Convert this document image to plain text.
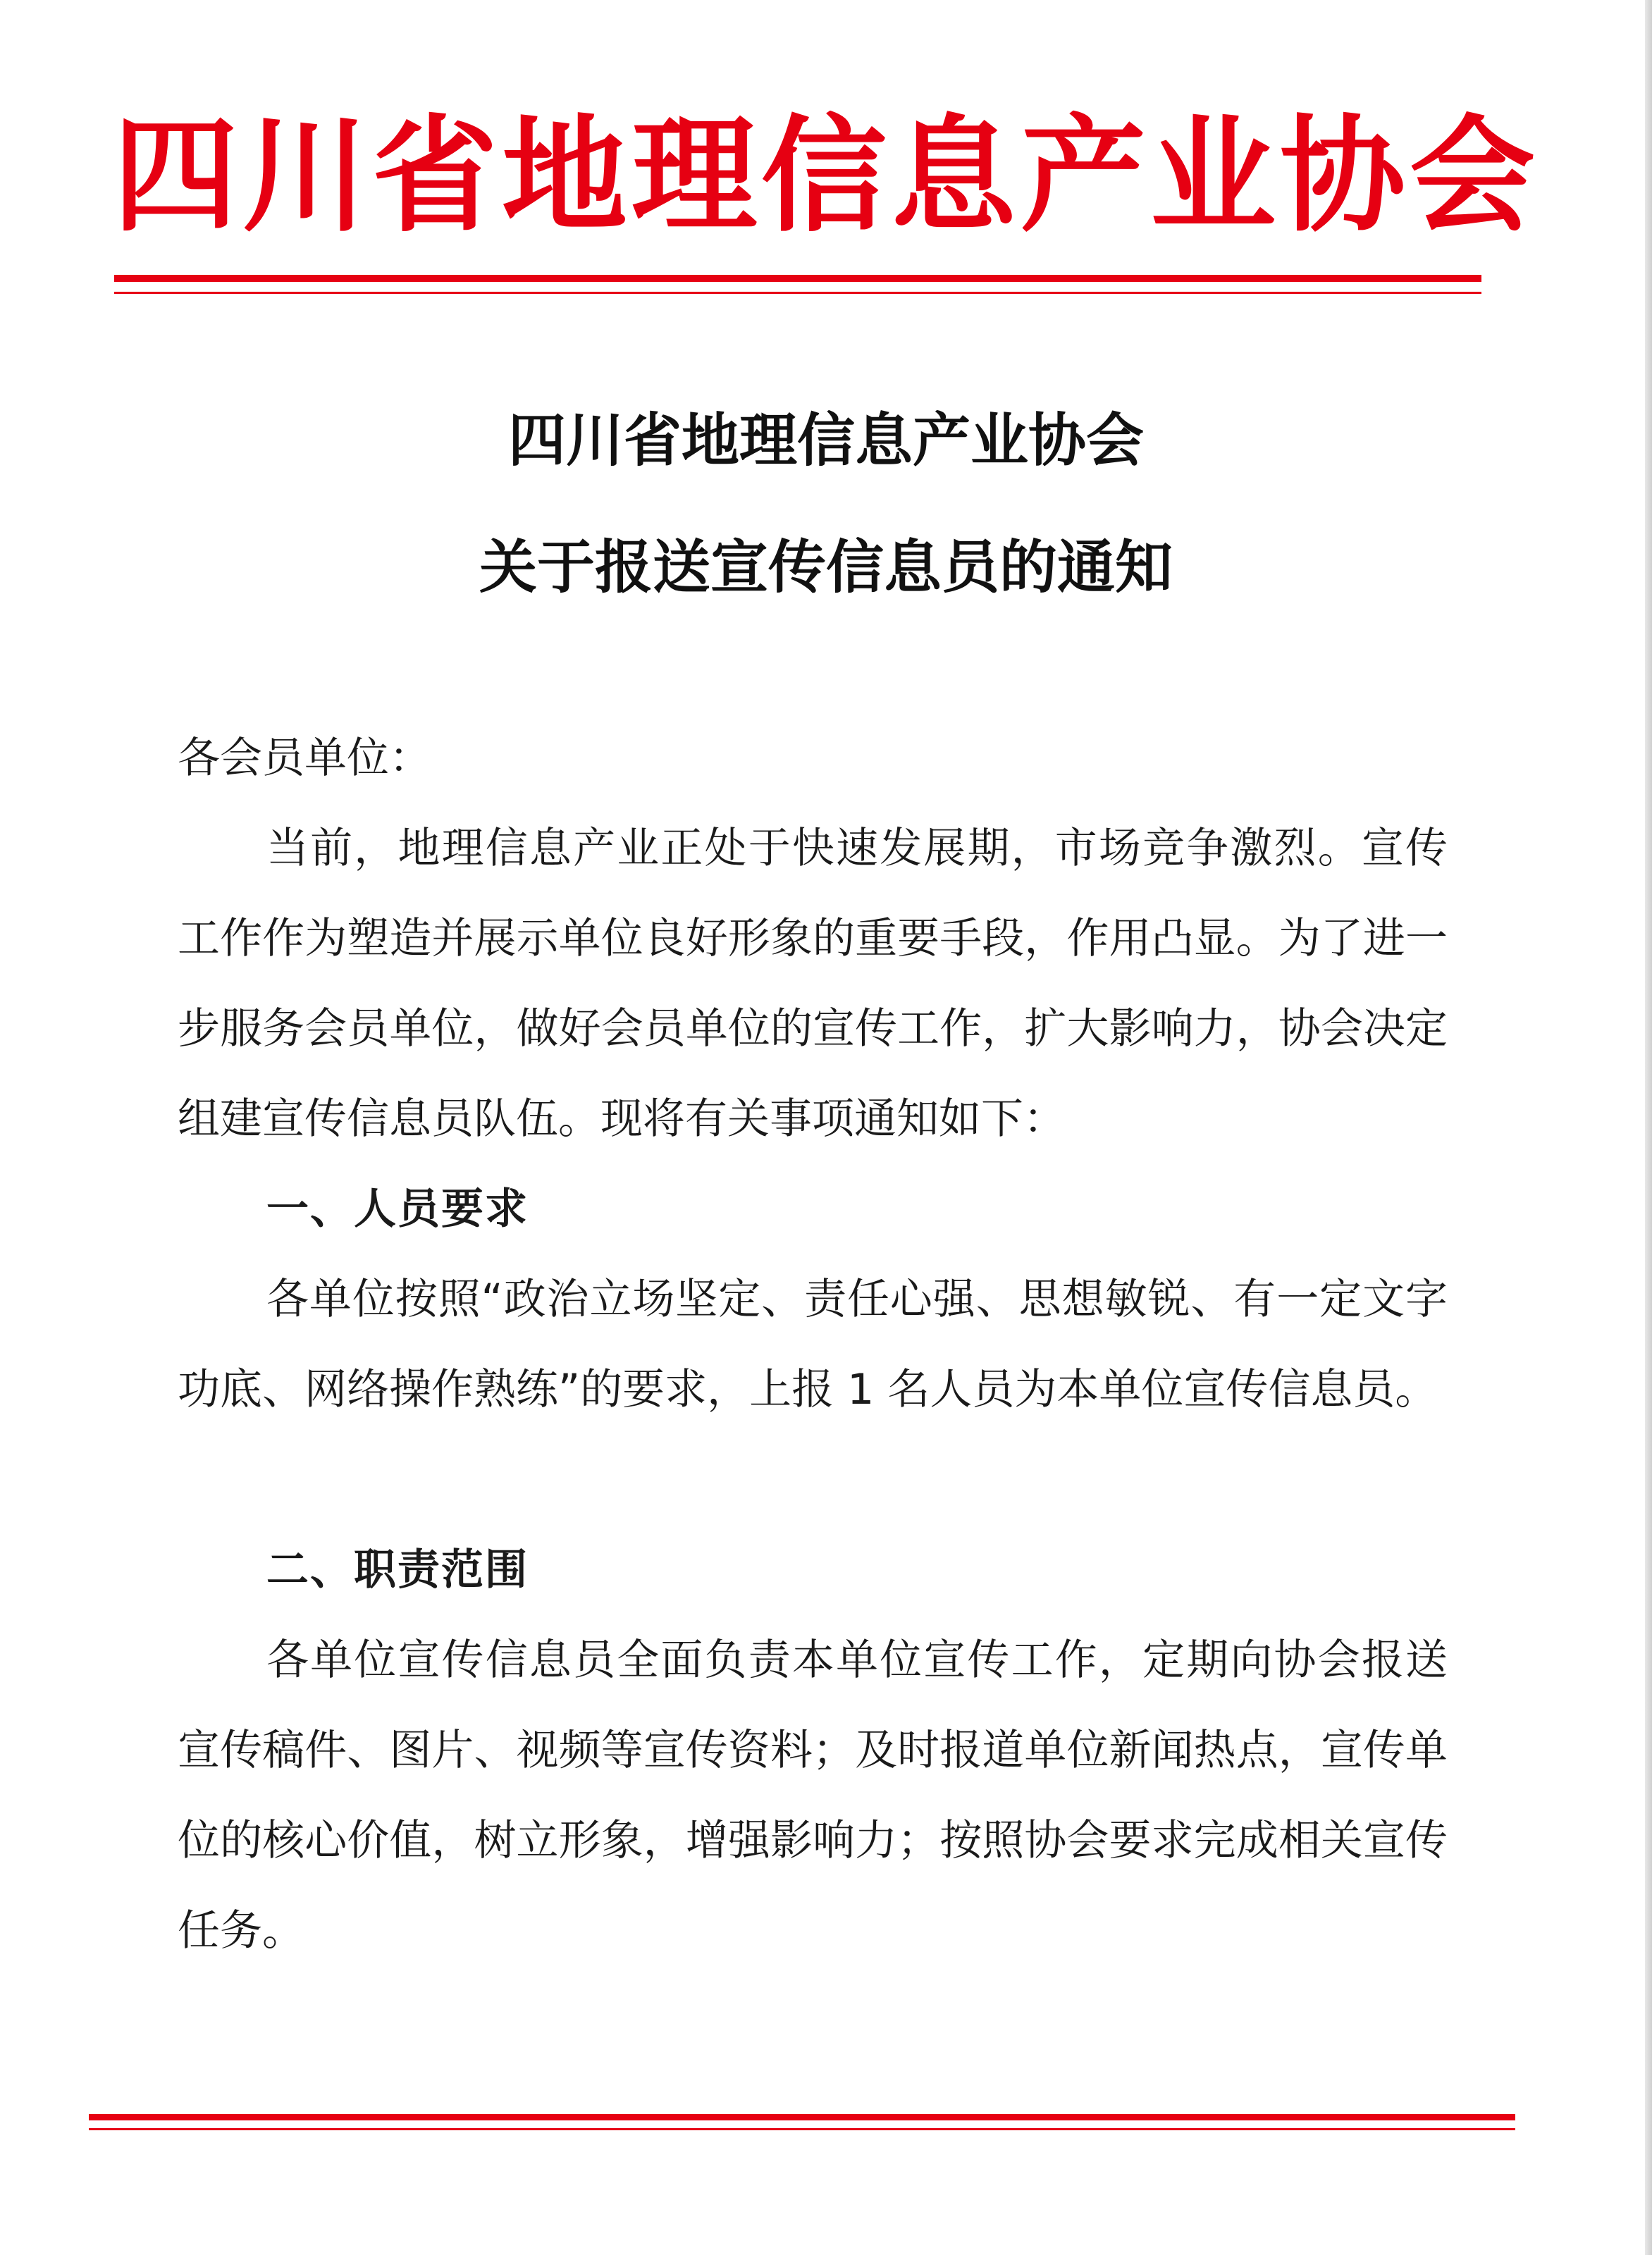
四川省地理信息产业协会
四川省地理信息产业协会
关于报送宣传信息员的通知
各会员单位：

当前，地理信息产业正处于快速发展期，市场竞争激烈。宣传工作作为塑造并展示单位良好形象的重要手段，作用凸显。为了进一步服务会员单位，做好会员单位的宣传工作，扩大影响力，协会决定组建宣传信息员队伍。现将有关事项通知如下：

一、人员要求

各单位按照“政治立场坚定、责任心强、思想敏锐、有一定文字功底、网络操作熟练”的要求，上报 1 名人员为本单位宣传信息员。

二、职责范围

各单位宣传信息员全面负责本单位宣传工作，定期向协会报送宣传稿件、图片、视频等宣传资料；及时报道单位新闻热点，宣传单位的核心价值，树立形象，增强影响力；按照协会要求完成相关宣传任务。
